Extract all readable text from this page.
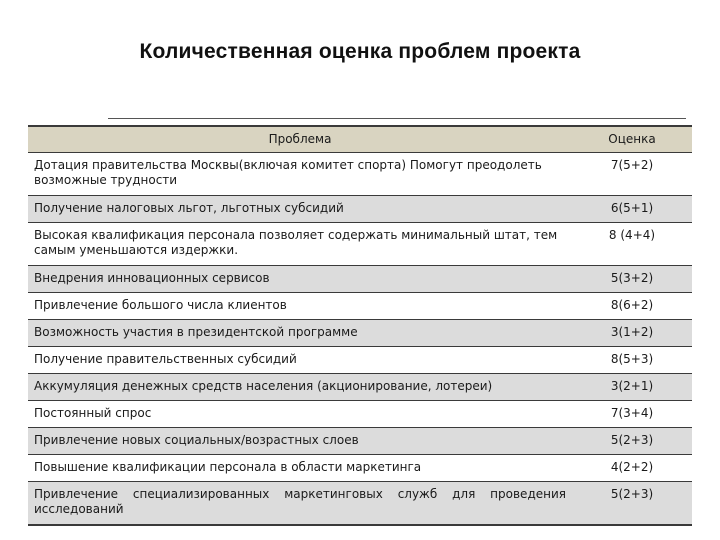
Количественная оценка проблем проекта
Проблема	Оценка
Дотация правительства Москвы(включая комитет спорта) Помогут преодолеть возможные трудности	7(5+2)
Получение налоговых льгот, льготных субсидий	6(5+1)
Высокая квалификация персонала позволяет содержать минимальный штат, тем самым уменьшаются издержки.	8 (4+4)
Внедрения инновационных сервисов	5(3+2)
Привлечение большого числа клиентов	8(6+2)
Возможность участия в президентской программе	3(1+2)
Получение правительственных субсидий	8(5+3)
Аккумуляция денежных средств населения (акционирование, лотереи)	3(2+1)
Постоянный спрос	7(3+4)
Привлечение новых социальных/возрастных слоев	5(2+3)
Повышение квалификации персонала в области маркетинга	4(2+2)
Привлечение специализированных маркетинговых служб для проведения исследований	5(2+3)
